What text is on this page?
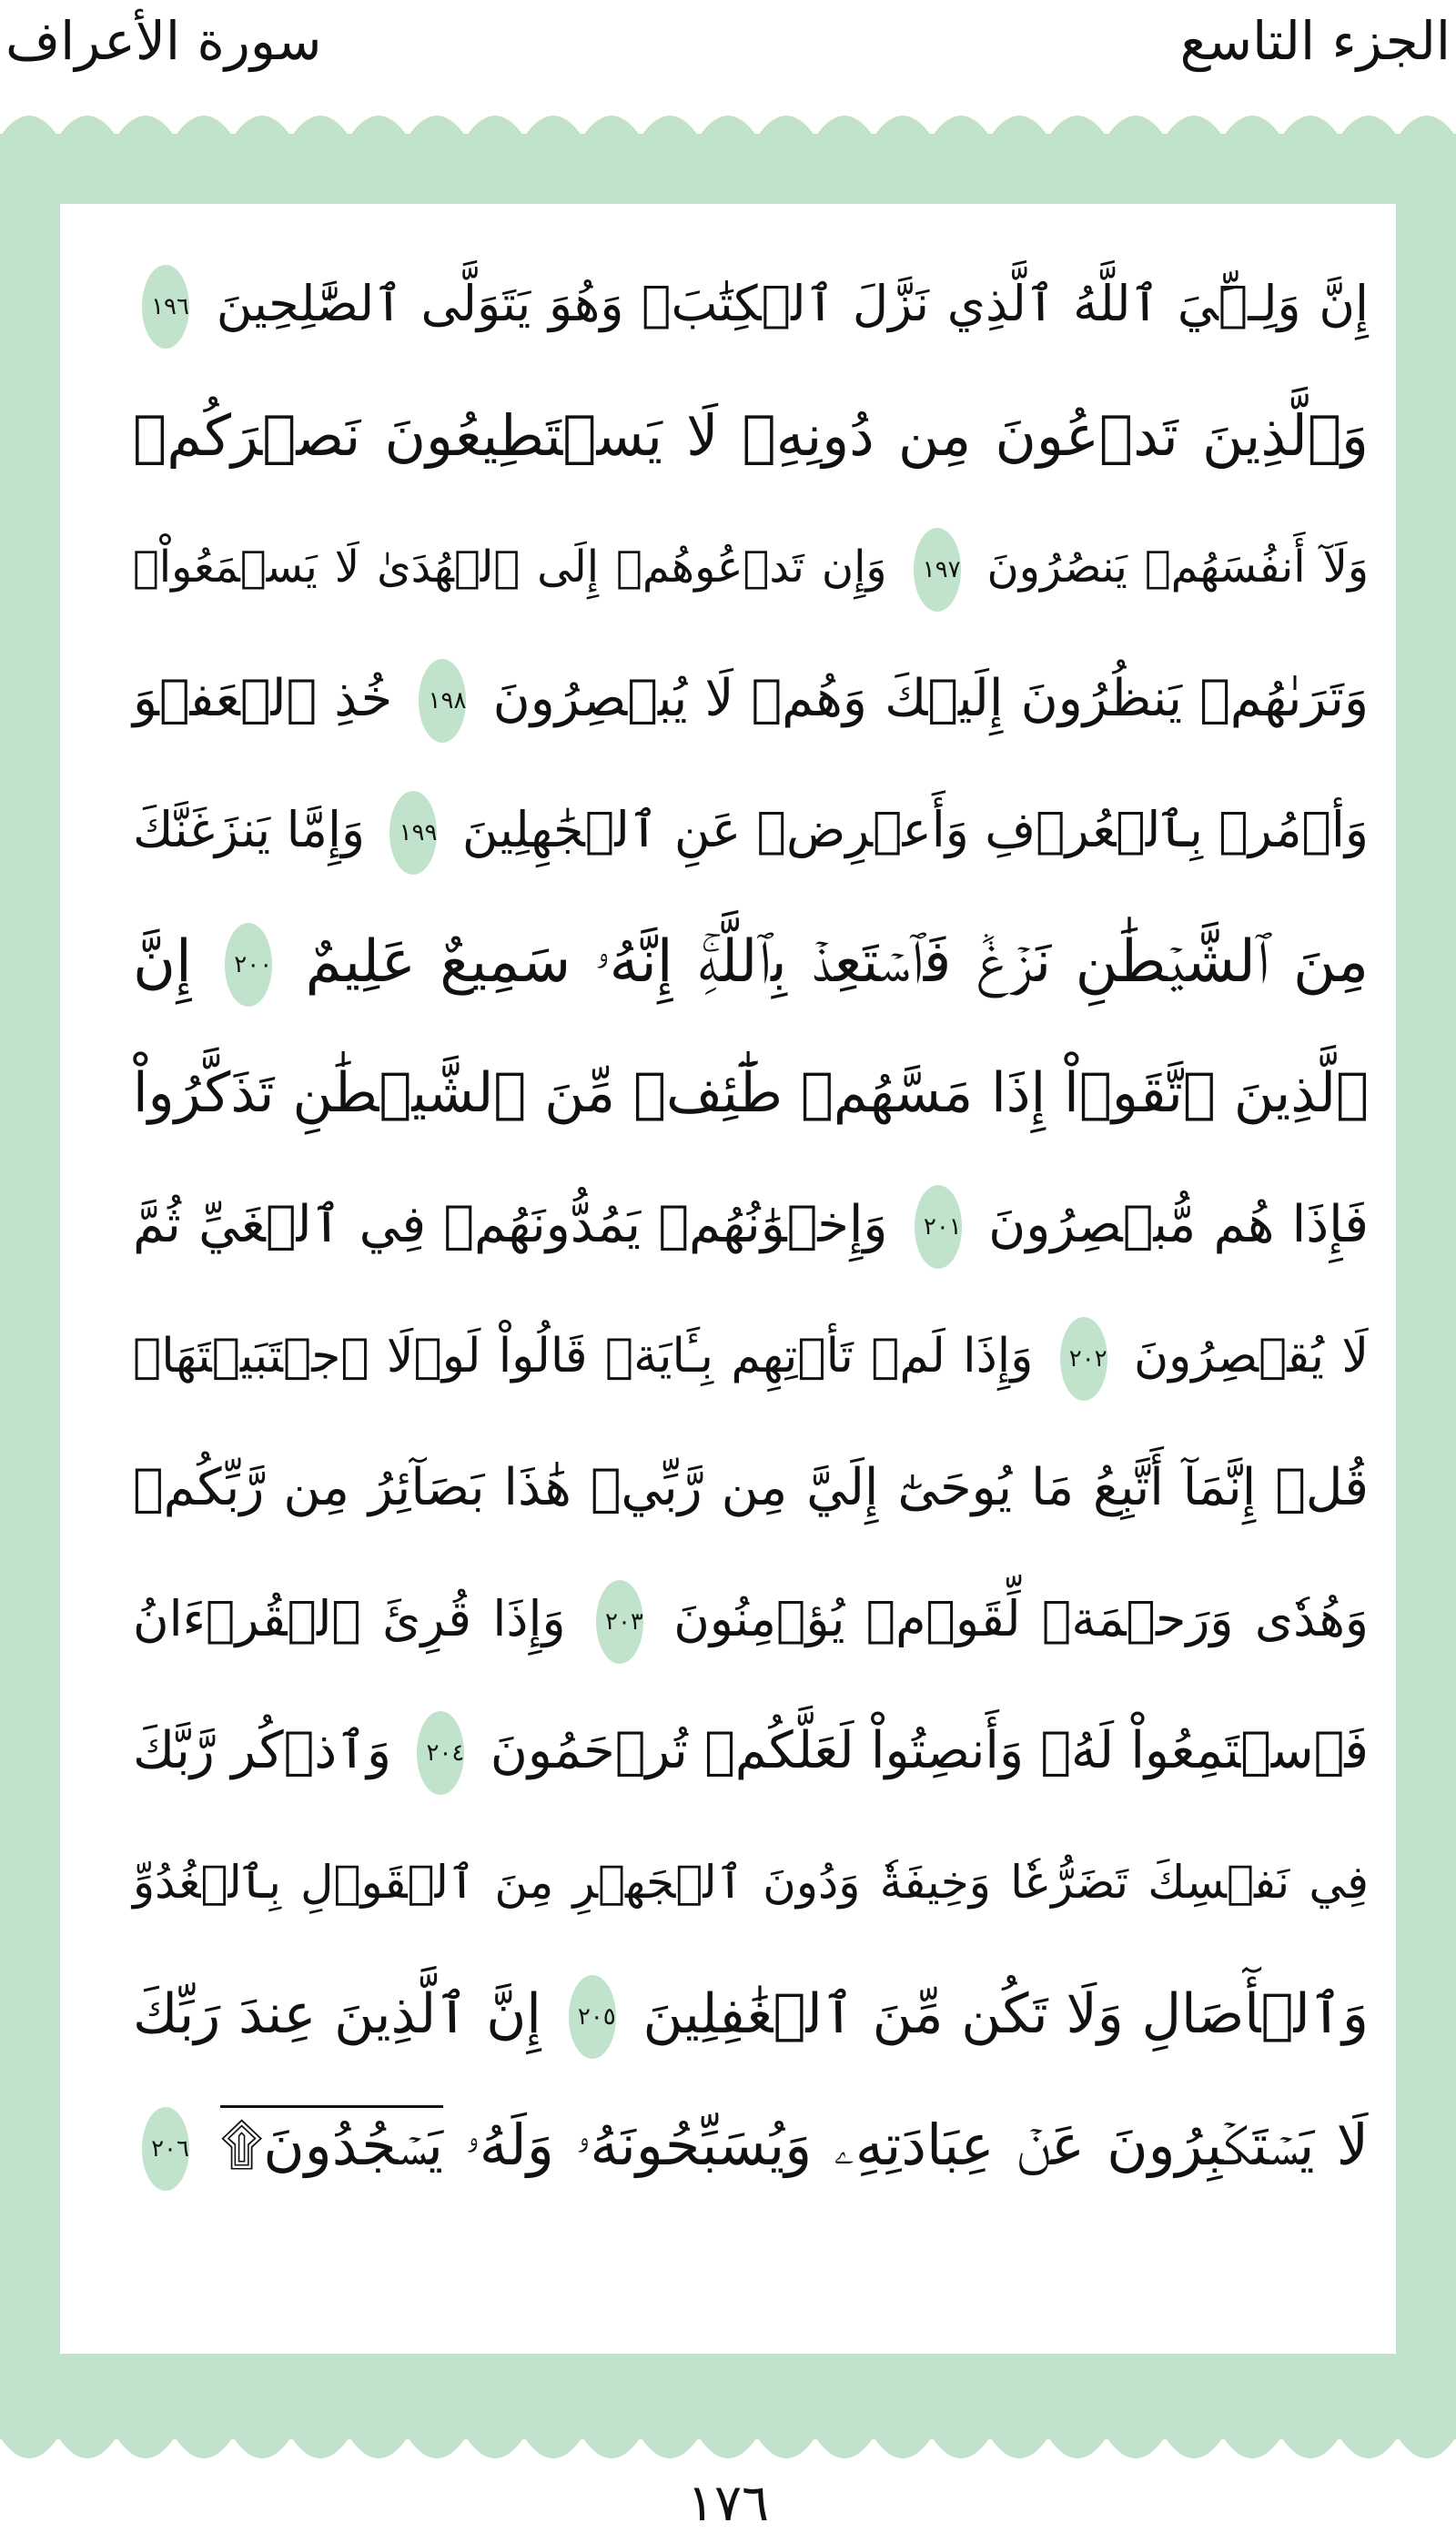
الجزء التاسع
سورة الأعراف
إِنَّ وَلِـِّۧيَ ٱللَّهُ ٱلَّذِي نَزَّلَ ٱلۡكِتَٰبَۖ وَهُوَ يَتَوَلَّى ٱلصَّٰلِحِينَ ١٩٦
وَٱلَّذِينَ تَدۡعُونَ مِن دُونِهِۦ لَا يَسۡتَطِيعُونَ نَصۡرَكُمۡ
وَلَآ أَنفُسَهُمۡ يَنصُرُونَ ١٩٧ وَإِن تَدۡعُوهُمۡ إِلَى ٱلۡهُدَىٰ لَا يَسۡمَعُواْۖ
وَتَرَىٰهُمۡ يَنظُرُونَ إِلَيۡكَ وَهُمۡ لَا يُبۡصِرُونَ ١٩٨ خُذِ ٱلۡعَفۡوَ
وَأۡمُرۡ بِٱلۡعُرۡفِ وَأَعۡرِضۡ عَنِ ٱلۡجَٰهِلِينَ ١٩٩ وَإِمَّا يَنزَغَنَّكَ
مِنَ ٱلشَّيۡطَٰنِ نَزۡغٞ فَٱسۡتَعِذۡ بِٱللَّهِۚ إِنَّهُۥ سَمِيعٌ عَلِيمٌ ٢٠٠ إِنَّ
ٱلَّذِينَ ٱتَّقَوۡاْ إِذَا مَسَّهُمۡ طَٰٓئِفٞ مِّنَ ٱلشَّيۡطَٰنِ تَذَكَّرُواْ
فَإِذَا هُم مُّبۡصِرُونَ ٢٠١ وَإِخۡوَٰنُهُمۡ يَمُدُّونَهُمۡ فِي ٱلۡغَيِّ ثُمَّ
لَا يُقۡصِرُونَ ٢٠٢ وَإِذَا لَمۡ تَأۡتِهِم بِـَٔايَةٖ قَالُواْ لَوۡلَا ٱجۡتَبَيۡتَهَاۚ
قُلۡ إِنَّمَآ أَتَّبِعُ مَا يُوحَىٰٓ إِلَيَّ مِن رَّبِّيۚ هَٰذَا بَصَآئِرُ مِن رَّبِّكُمۡ
وَهُدٗى وَرَحۡمَةٞ لِّقَوۡمٖ يُؤۡمِنُونَ ٢٠٣ وَإِذَا قُرِئَ ٱلۡقُرۡءَانُ
فَٱسۡتَمِعُواْ لَهُۥ وَأَنصِتُواْ لَعَلَّكُمۡ تُرۡحَمُونَ ٢٠٤ وَٱذۡكُر رَّبَّكَ
فِي نَفۡسِكَ تَضَرُّعٗا وَخِيفَةٗ وَدُونَ ٱلۡجَهۡرِ مِنَ ٱلۡقَوۡلِ بِٱلۡغُدُوِّ
وَٱلۡأٓصَالِ وَلَا تَكُن مِّنَ ٱلۡغَٰفِلِينَ ٢٠٥ إِنَّ ٱلَّذِينَ عِندَ رَبِّكَ
لَا يَسۡتَكۡبِرُونَ عَنۡ عِبَادَتِهِۦ وَيُسَبِّحُونَهُۥ وَلَهُۥ يَسۡجُدُونَ۩ ٢٠٦
١٧٦
